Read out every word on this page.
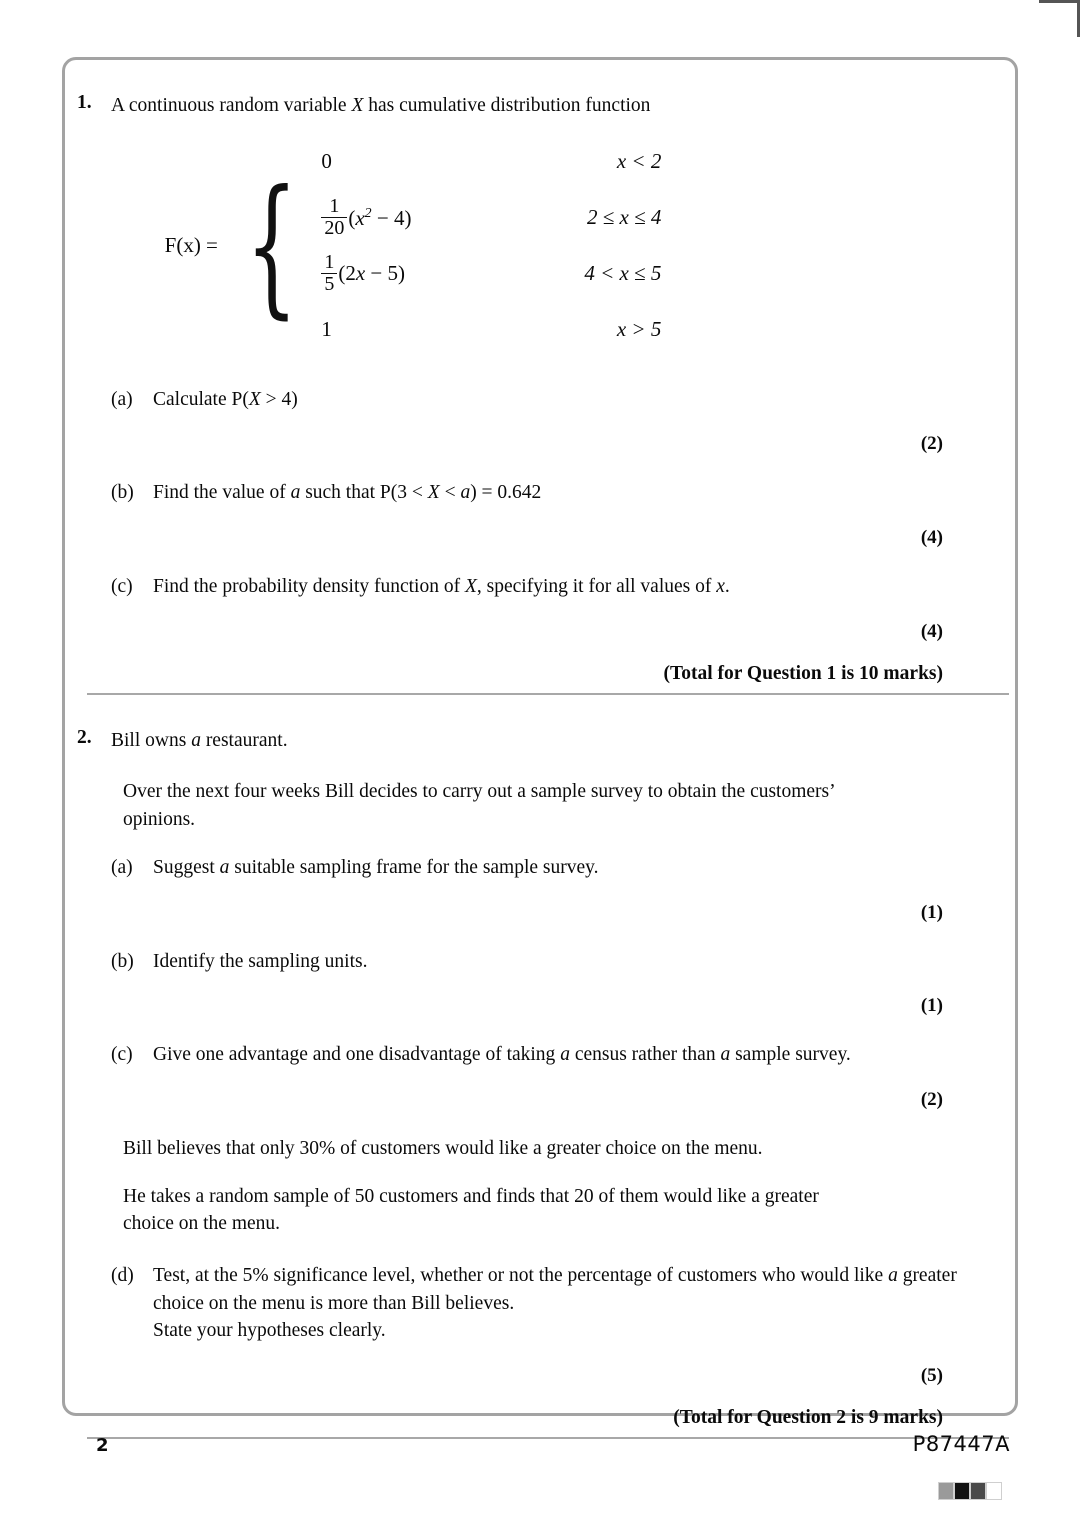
1. A continuous random variable X has cumulative distribution function
F(x) = { 0	x < 2
$\frac{1}{20} (x^2 - 4)$	2 ≤ x ≤ 4
$\frac{1}{5} (2x - 5)$	4 < x ≤ 5
1	x > 5
(a)	Calculate P(X > 4)
(2)
(b) Find the value of a such that P(3 < X < a) = 0.642
(4)
(c)	Find the probability density function of X, specifying it for all values of x.
(4)
(Total for Question 1 is 10 marks)
2. Bill owns a restaurant.
Over the next four weeks Bill decides to carry out a sample survey to obtain the customers’ opinions.
(a)	Suggest a suitable sampling frame for the sample survey.
(1)
(b) Identify the sampling units.
(1)
(c)	Give one advantage and one disadvantage of taking a census rather than a sample survey.
(2)
Bill believes that only 30% of customers would like a greater choice on the menu.
He takes a random sample of 50 customers and finds that 20 of them would like a greater choice on the menu.
(d) Test, at the 5% significance level, whether or not the percentage of customers who would like a greater choice on the menu is more than Bill believes.
State your hypotheses clearly.
(5)
(Total for Question 2 is 9 marks)
2	P87447A
